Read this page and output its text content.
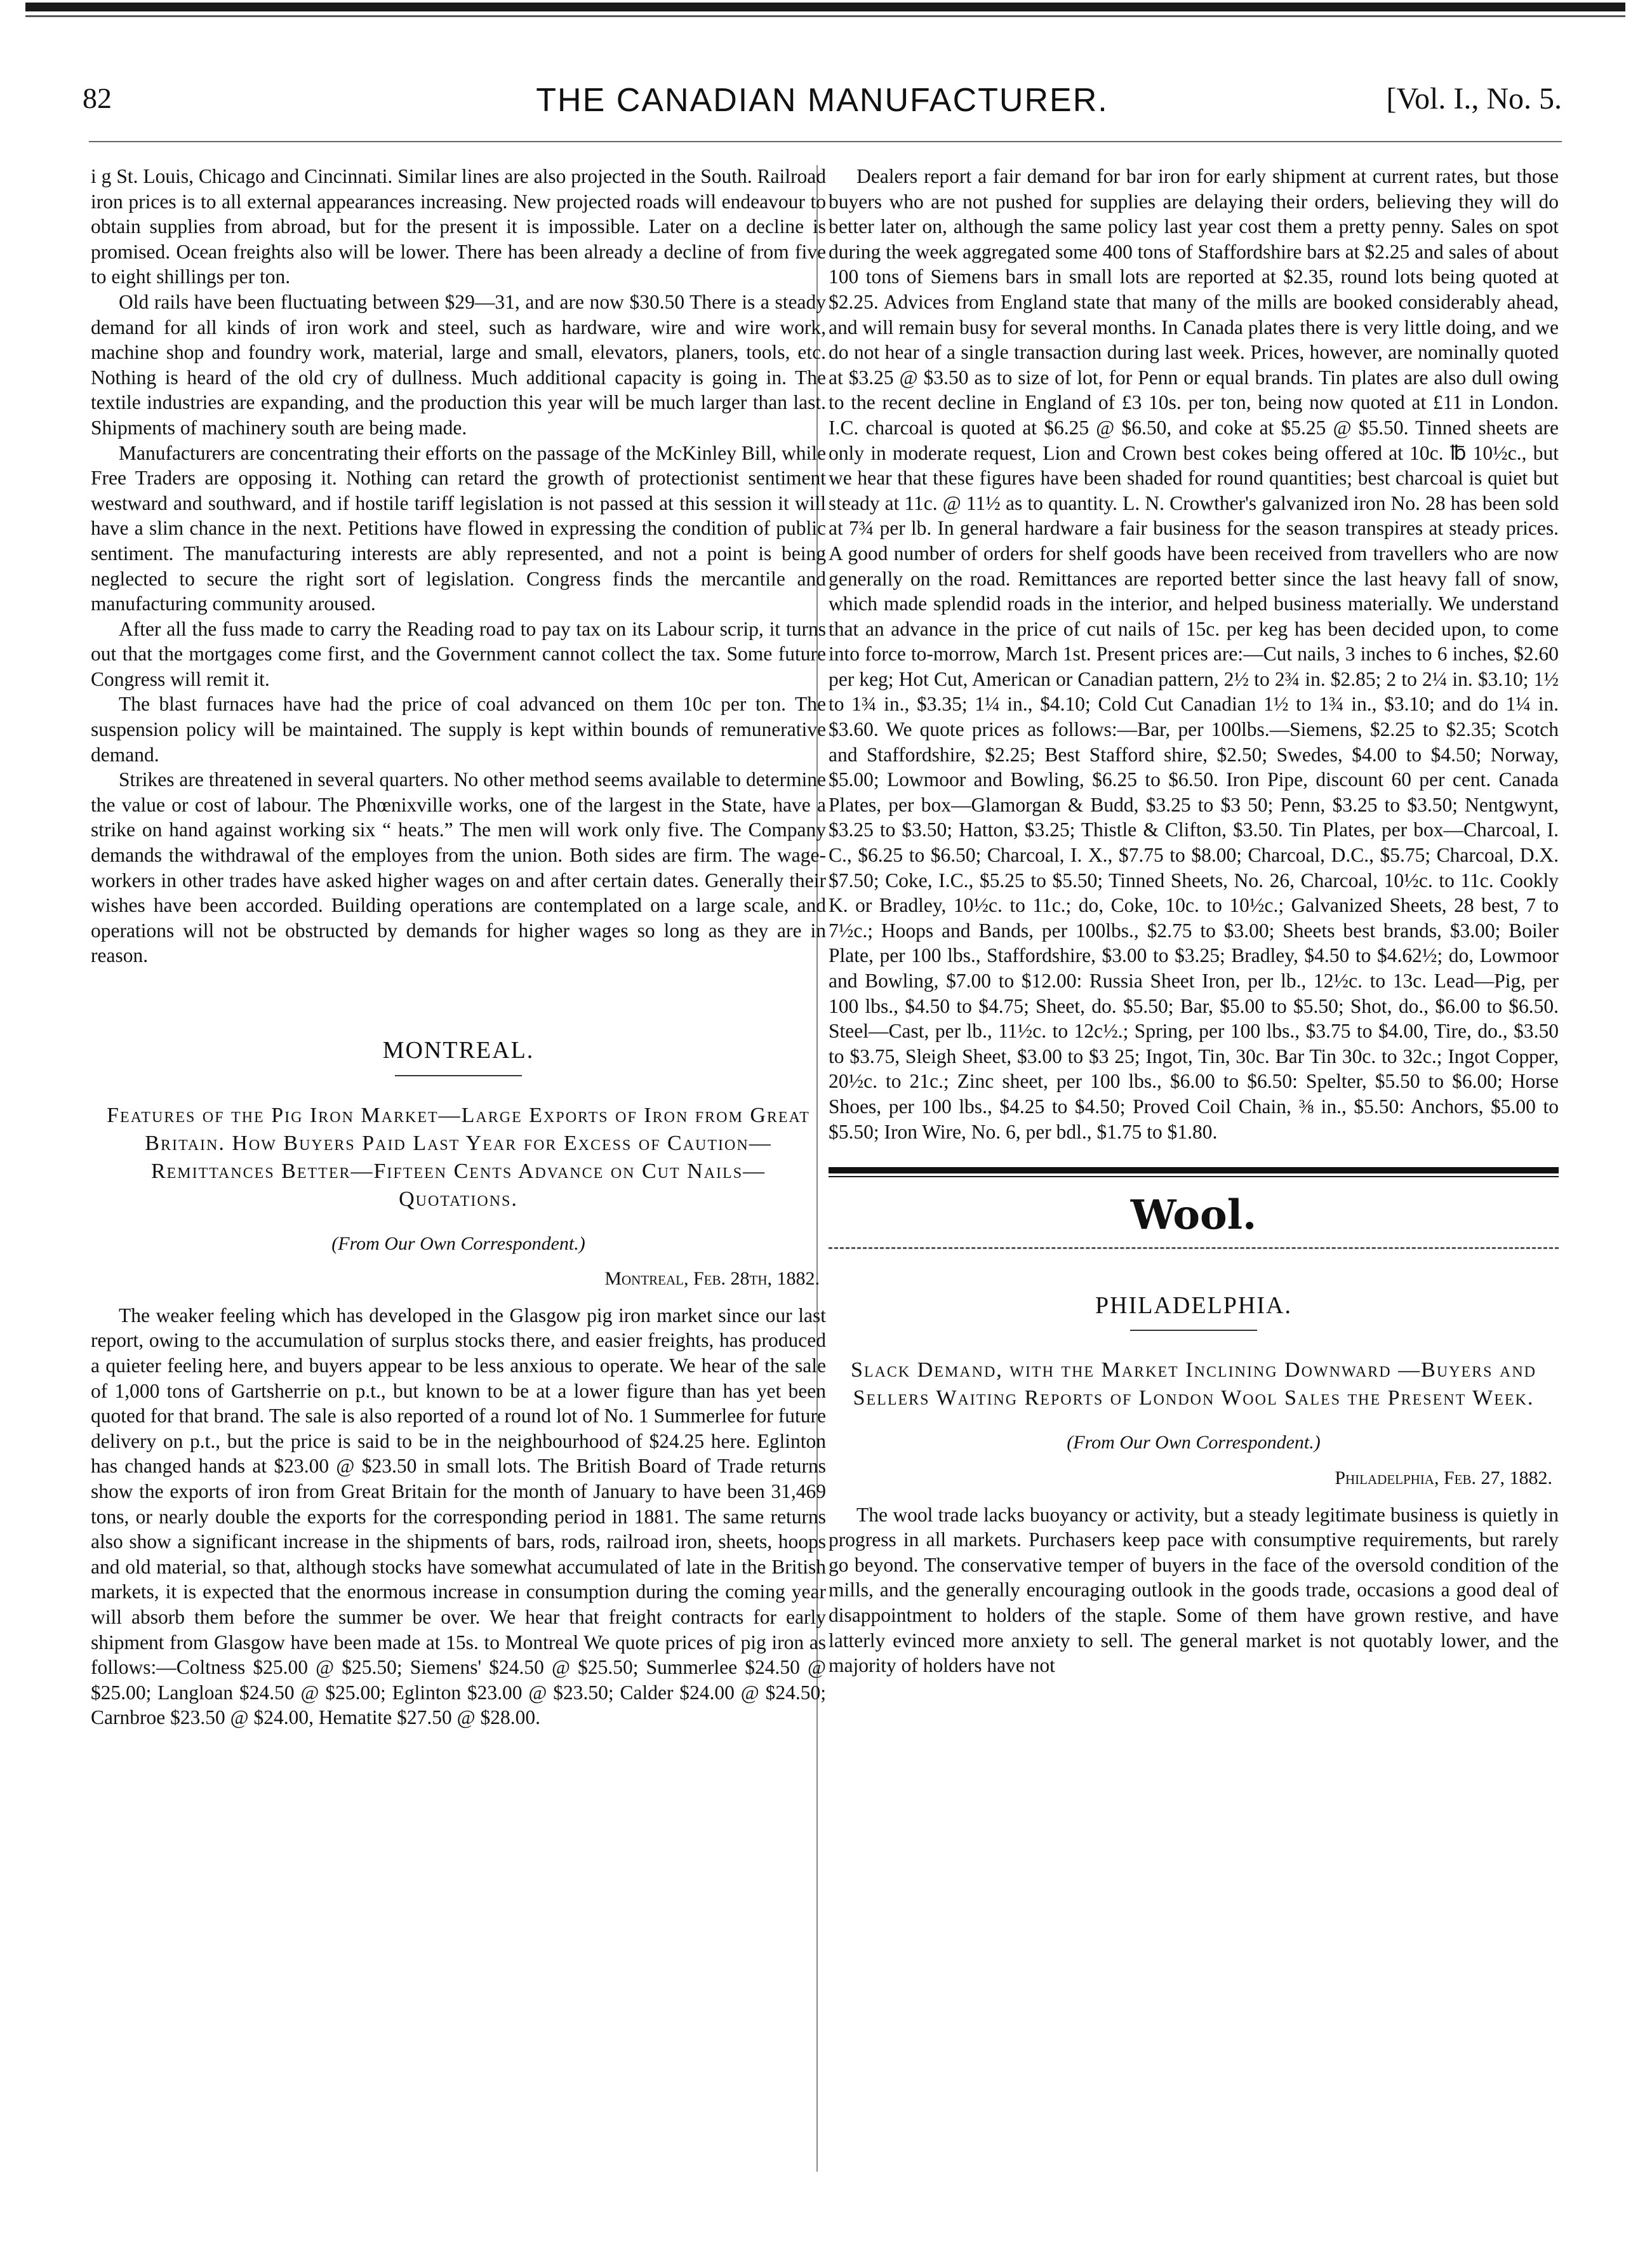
82	THE CANADIAN MANUFACTURER.	[Vol. I., No. 5.

i g St. Louis, Chicago and Cincinnati. Similar lines are also projected in the South. Railroad iron prices is to all external appearances increasing. New projected roads will endeavour to obtain supplies from abroad, but for the present it is impossible. Later on a decline is promised. Ocean freights also will be lower. There has been already a decline of from five to eight shillings per ton.

Old rails have been fluctuating between $29—31, and are now $30.50 There is a steady demand for all kinds of iron work and steel, such as hardware, wire and wire work, machine shop and foundry work, material, large and small, elevators, planers, tools, etc. Nothing is heard of the old cry of dullness. Much additional capacity is going in. The textile industries are expanding, and the production this year will be much larger than last. Shipments of machinery south are being made.

Manufacturers are concentrating their efforts on the passage of the McKinley Bill, while Free Traders are opposing it. Nothing can retard the growth of protectionist sentiment westward and southward, and if hostile tariff legislation is not passed at this session it will have a slim chance in the next. Petitions have flowed in expressing the condition of public sentiment. The manufacturing interests are ably represented, and not a point is being neglected to secure the right sort of legislation. Congress finds the mercantile and manufacturing community aroused.

After all the fuss made to carry the Reading road to pay tax on its Labour scrip, it turns out that the mortgages come first, and the Government cannot collect the tax. Some future Congress will remit it.

The blast furnaces have had the price of coal advanced on them 10c per ton. The suspension policy will be maintained. The supply is kept within bounds of remunerative demand.

Strikes are threatened in several quarters. No other method seems available to determine the value or cost of labour. The Phœnixville works, one of the largest in the State, have a strike on hand against working six “ heats.” The men will work only five. The Company demands the withdrawal of the employes from the union. Both sides are firm. The wage-workers in other trades have asked higher wages on and after certain dates. Generally their wishes have been accorded. Building operations are contemplated on a large scale, and operations will not be obstructed by demands for higher wages so long as they are in reason.

MONTREAL.
Features of the Pig Iron Market—Large Exports of Iron from Great Britain. How Buyers Paid Last Year for Excess of Caution—Remittances Better—Fifteen Cents Advance on Cut Nails—Quotations.
(From Our Own Correspondent.)
Montreal, Feb. 28th, 1882.

The weaker feeling which has developed in the Glasgow pig iron market since our last report, owing to the accumulation of surplus stocks there, and easier freights, has produced a quieter feeling here, and buyers appear to be less anxious to operate. We hear of the sale of 1,000 tons of Gartsherrie on p.t., but known to be at a lower figure than has yet been quoted for that brand. The sale is also reported of a round lot of No. 1 Summerlee for future delivery on p.t., but the price is said to be in the neighbourhood of $24.25 here. Eglinton has changed hands at $23.00 @ $23.50 in small lots. The British Board of Trade returns show the exports of iron from Great Britain for the month of January to have been 31,469 tons, or nearly double the exports for the corresponding period in 1881. The same returns also show a significant increase in the shipments of bars, rods, railroad iron, sheets, hoops and old material, so that, although stocks have somewhat accumulated of late in the British markets, it is expected that the enormous increase in consumption during the coming year will absorb them before the summer be over. We hear that freight contracts for early shipment from Glasgow have been made at 15s. to Montreal We quote prices of pig iron as follows:—Coltness $25.00 @ $25.50; Siemens' $24.50 @ $25.50; Summerlee $24.50 @ $25.00; Langloan $24.50 @ $25.00; Eglinton $23.00 @ $23.50; Calder $24.00 @ $24.50; Carnbroe $23.50 @ $24.00, Hematite $27.50 @ $28.00.

Dealers report a fair demand for bar iron for early shipment at current rates, but those buyers who are not pushed for supplies are delaying their orders, believing they will do better later on, although the same policy last year cost them a pretty penny. Sales on spot during the week aggregated some 400 tons of Staffordshire bars at $2.25 and sales of about 100 tons of Siemens bars in small lots are reported at $2.35, round lots being quoted at $2.25. Advices from England state that many of the mills are booked considerably ahead, and will remain busy for several months. In Canada plates there is very little doing, and we do not hear of a single transaction during last week. Prices, however, are nominally quoted at $3.25 @ $3.50 as to size of lot, for Penn or equal brands. Tin plates are also dull owing to the recent decline in England of £3 10s. per ton, being now quoted at £11 in London. I.C. charcoal is quoted at $6.25 @ $6.50, and coke at $5.25 @ $5.50. Tinned sheets are only in moderate request, Lion and Crown best cokes being offered at 10c. ℔ 10½c., but we hear that these figures have been shaded for round quantities; best charcoal is quiet but steady at 11c. @ 11½ as to quantity. L. N. Crowther's galvanized iron No. 28 has been sold at 7¾ per lb. In general hardware a fair business for the season transpires at steady prices. A good number of orders for shelf goods have been received from travellers who are now generally on the road. Remittances are reported better since the last heavy fall of snow, which made splendid roads in the interior, and helped business materially. We understand that an advance in the price of cut nails of 15c. per keg has been decided upon, to come into force to-morrow, March 1st. Present prices are:—Cut nails, 3 inches to 6 inches, $2.60 per keg; Hot Cut, American or Canadian pattern, 2½ to 2¾ in. $2.85; 2 to 2¼ in. $3.10; 1½ to 1¾ in., $3.35; 1¼ in., $4.10; Cold Cut Canadian 1½ to 1¾ in., $3.10; and do 1¼ in. $3.60. We quote prices as follows:—Bar, per 100lbs.—Siemens, $2.25 to $2.35; Scotch and Staffordshire, $2.25; Best Stafford shire, $2.50; Swedes, $4.00 to $4.50; Norway, $5.00; Lowmoor and Bowling, $6.25 to $6.50. Iron Pipe, discount 60 per cent. Canada Plates, per box—Glamorgan & Budd, $3.25 to $3 50; Penn, $3.25 to $3.50; Nentgwynt, $3.25 to $3.50; Hatton, $3.25; Thistle & Clifton, $3.50. Tin Plates, per box—Charcoal, I. C., $6.25 to $6.50; Charcoal, I. X., $7.75 to $8.00; Charcoal, D.C., $5.75; Charcoal, D.X. $7.50; Coke, I.C., $5.25 to $5.50; Tinned Sheets, No. 26, Charcoal, 10½c. to 11c. Cookly K. or Bradley, 10½c. to 11c.; do, Coke, 10c. to 10½c.; Galvanized Sheets, 28 best, 7 to 7½c.; Hoops and Bands, per 100lbs., $2.75 to $3.00; Sheets best brands, $3.00; Boiler Plate, per 100 lbs., Staffordshire, $3.00 to $3.25; Bradley, $4.50 to $4.62½; do, Lowmoor and Bowling, $7.00 to $12.00: Russia Sheet Iron, per lb., 12½c. to 13c. Lead—Pig, per 100 lbs., $4.50 to $4.75; Sheet, do. $5.50; Bar, $5.00 to $5.50; Shot, do., $6.00 to $6.50. Steel—Cast, per lb., 11½c. to 12c½.; Spring, per 100 lbs., $3.75 to $4.00, Tire, do., $3.50 to $3.75, Sleigh Sheet, $3.00 to $3 25; Ingot, Tin, 30c. Bar Tin 30c. to 32c.; Ingot Copper, 20½c. to 21c.; Zinc sheet, per 100 lbs., $6.00 to $6.50: Spelter, $5.50 to $6.00; Horse Shoes, per 100 lbs., $4.25 to $4.50; Proved Coil Chain, ⅜ in., $5.50: Anchors, $5.00 to $5.50; Iron Wire, No. 6, per bdl., $1.75 to $1.80.

Wool.
PHILADELPHIA.
Slack Demand, with the Market Inclining Downward —Buyers and Sellers Waiting Reports of London Wool Sales the Present Week.
(From Our Own Correspondent.)
Philadelphia, Feb. 27, 1882.

The wool trade lacks buoyancy or activity, but a steady legitimate business is quietly in progress in all markets. Purchasers keep pace with consumptive requirements, but rarely go beyond. The conservative temper of buyers in the face of the oversold condition of the mills, and the generally encouraging outlook in the goods trade, occasions a good deal of disappointment to holders of the staple. Some of them have grown restive, and have latterly evinced more anxiety to sell. The general market is not quotably lower, and the majority of holders have not
